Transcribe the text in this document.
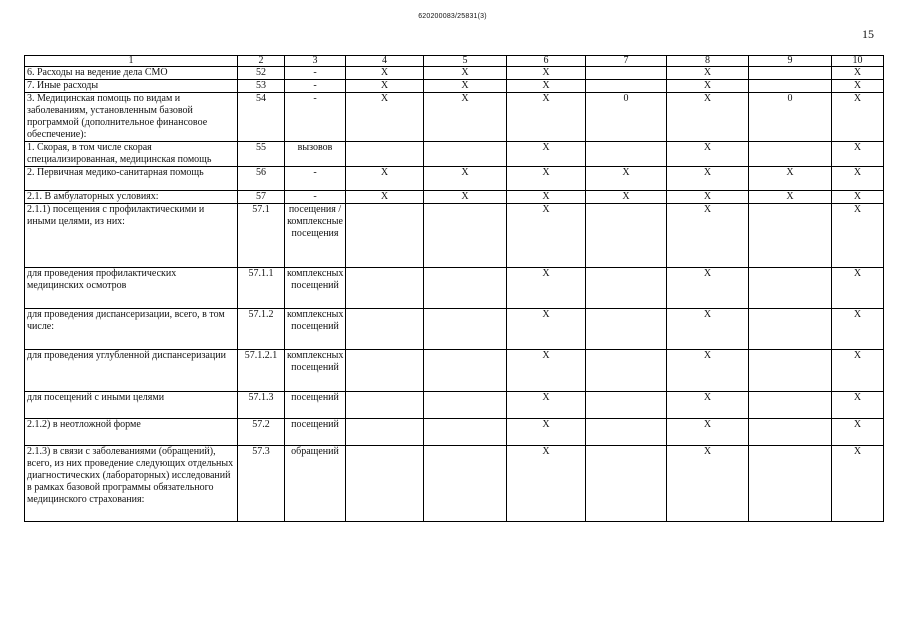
620200083/25831(3)
15
1	2	3	4	5	6	7	8	9	10
6. Расходы на ведение дела СМО	52	-	X	X	X		X		X
7. Иные расходы	53	-	X	X	X		X		X
3. Медицинская помощь по видам и заболеваниям, установленным базовой программой (дополнительное финансовое обеспечение):	54	-	X	X	X	0	X	0	X
1. Скорая, в том числе скорая специализированная, медицинская помощь	55	вызовов			X		X		X
2. Первичная медико-санитарная помощь	56	-	X	X	X	X	X	X	X
2.1. В амбулаторных условиях:	57	-	X	X	X	X	X	X	X
2.1.1) посещения с профилактическими и иными целями, из них:	57.1	посещения / комплексные посещения			X		X		X
для проведения профилактических медицинских осмотров	57.1.1	комплексных посещений			X		X		X
для проведения диспансеризации, всего, в том числе:	57.1.2	комплексных посещений			X		X		X
для проведения углубленной диспансеризации	57.1.2.1	комплексных посещений			X		X		X
для посещений с иными целями	57.1.3	посещений			X		X		X
2.1.2) в неотложной форме	57.2	посещений			X		X		X
2.1.3) в связи с заболеваниями (обращений), всего, из них проведение следующих отдельных диагностических (лабораторных) исследований в рамках базовой программы обязательного медицинского страхования:	57.3	обращений			X		X		X
